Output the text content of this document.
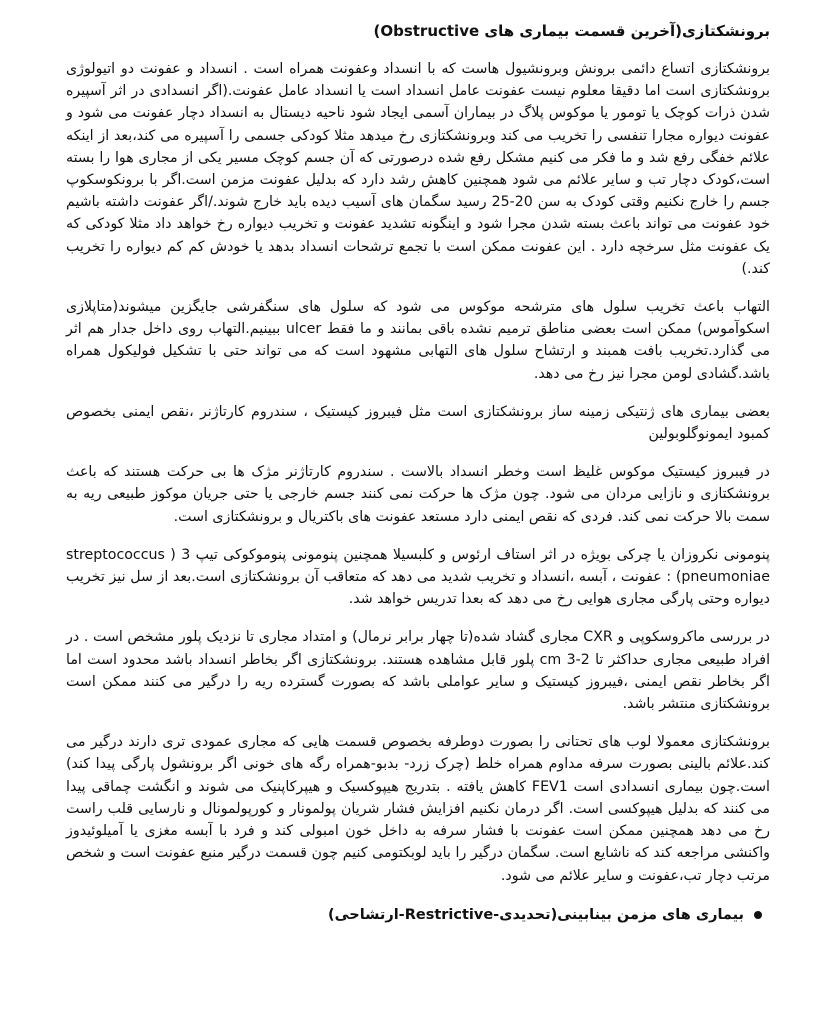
برونشکتازی(آخرین قسمت بیماری های Obstructive)

برونشکتازی اتساع دائمی برونش وبرونشیول هاست که با انسداد وعفونت همراه است . انسداد و عفونت دو اتیولوژی برونشکتازی است اما دقیقا معلوم نیست عفونت عامل انسداد است یا انسداد عامل عفونت.(اگر انسدادی در اثر آسپیره شدن ذرات کوچک یا تومور یا موکوس پلاگ در بیماران آسمی ایجاد شود ناحیه دیستال به انسداد دچار عفونت می شود و عفونت دیواره مجارا تنفسی را تخریب می کند وبرونشکتازی رخ میدهد مثلا کودکی جسمی را آسپیره می کند،بعد از اینکه علائم خفگی رفع شد و ما فکر می کنیم مشکل رفع شده درصورتی که آن جسم کوچک مسیر یکی از مجاری هوا را بسته است،کودک دچار تب و سایر علائم می شود همچنین کاهش رشد دارد که بدلیل عفونت مزمن است.اگر با برونکوسکوپ جسم را خارج نکنیم وقتی کودک به سن 20-25 رسید سگمان های آسیب دیده باید خارج شوند./اگر عفونت داشته باشیم خود عفونت می تواند باعث بسته شدن مجرا شود و اینگونه تشدید عفونت و تخریب دیواره رخ خواهد داد مثلا کودکی که یک عفونت مثل سرخچه دارد . این عفونت ممکن است با تجمع ترشحات انسداد بدهد یا خودش کم کم دیواره را تخریب کند.)

التهاب باعث تخریب سلول های مترشحه موکوس می شود که سلول های سنگفرشی جایگزین میشوند(متاپلازی اسکوآموس) ممکن است بعضی مناطق ترمیم نشده باقی بمانند و ما فقط ulcer ببینیم.التهاب روی داخل جدار هم اثر می گذارد.تخریب بافت همبند و ارتشاح سلول های التهابی مشهود است که می تواند حتی با تشکیل فولیکول همراه باشد.گشادی لومن مجرا نیز رخ می دهد.

بعضی بیماری های ژنتیکی زمینه ساز برونشکتازی است مثل فیبروز کیستیک ، سندروم کارتاژنر ،نقص ایمنی بخصوص کمبود ایمونوگلوبولین

در فیبروز کیستیک موکوس غلیظ است وخطر انسداد بالاست . سندروم کارتاژنر مژک ها بی حرکت هستند که باعث برونشکتازی و نازایی مردان می شود. چون مژک ها حرکت نمی کنند جسم خارجی یا حتی جریان موکوز طبیعی ریه به سمت بالا حرکت نمی کند. فردی که نقص ایمنی دارد مستعد عفونت های باکتریال و برونشکتازی است.

پنومونی نکروزان یا چرکی بویژه در اثر استاف ارئوس و کلبسیلا همچنین پنومونی پنوموکوکی تیپ 3 ( streptococcus pneumoniae) : عفونت ، آبسه ،انسداد و تخریب شدید می دهد که متعاقب آن برونشکتازی است.بعد از سل نیز تخریب دیواره وحتی پارگی مجاری هوایی رخ می دهد که بعدا تدریس خواهد شد.

در بررسی ماکروسکوپی و CXR مجاری گشاد شده(تا چهار برابر نرمال) و امتداد مجاری تا نزدیک پلور مشخص است . در افراد طبیعی مجاری حداکثر تا 2-3 cm پلور قابل مشاهده هستند. برونشکتازی اگر بخاطر انسداد باشد محدود است اما اگر بخاطر نقص ایمنی ،فیبروز کیستیک و سایر عواملی باشد که بصورت گسترده ریه را درگیر می کنند ممکن است برونشکتازی منتشر باشد.

برونشکتازی معمولا لوب های تحتانی را بصورت دوطرفه بخصوص قسمت هایی که مجاری عمودی تری دارند درگیر می کند.علائم بالینی بصورت سرفه مداوم همراه خلط (چرک زرد- بدبو-همراه رگه های خونی اگر برونشول پارگی پیدا کند) است.چون بیماری انسدادی است FEV1 کاهش یافته . بتدریج هیپوکسیک و هیپرکاپنیک می شوند و انگشت چماقی پیدا می کنند که بدلیل هیپوکسی است. اگر درمان نکنیم افزایش فشار شریان پولمونار و کورپولمونال و نارسایی قلب راست رخ می دهد همچنین ممکن است عفونت با فشار سرفه به داخل خون امبولی کند و فرد با آبسه مغزی یا آمیلوئیدوز واکنشی مراجعه کند که ناشایع است. سگمان درگیر را باید لوبکتومی کنیم چون قسمت درگیر منبع عفونت است و شخص مرتب دچار تب،عفونت و سایر علائم می شود.

بیماری های مزمن بینابینی(تحدیدی-Restrictive-ارتشاحی)
